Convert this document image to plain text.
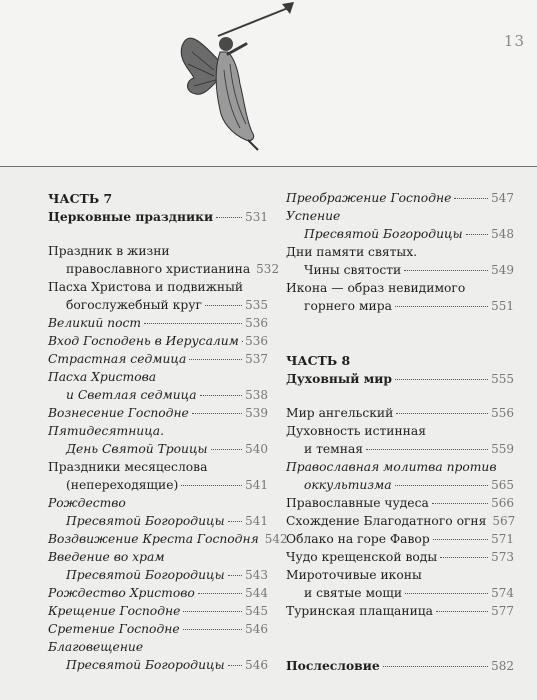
13
ЧАСТЬ 7
Церковные праздники	531
Праздник в жизни
православного христианина 532
Пасха Христова и подвижный
богослужебный круг	535
Великий пост	536
Вход Господень в Иерусалим 536
Страстная седмица	537
Пасха Христова
и Светлая седмица	538
Вознесение Господне	539
Пятидесятница.
День Святой Троицы	540
Праздники месяцеслова
(непереходящие)	541
Рождество
Пресвятой Богородицы 541
Воздвижение Креста Господня 542
Введение во храм
Пресвятой Богородицы 543
Рождество Христово	544
Крещение Господне	545
Сретение Господне	546
Благовещение
Пресвятой Богородицы 546
Преображение Господне	547
Успение
Пресвятой Богородицы 548
Дни памяти святых.
Чины святости	549
Икона — образ невидимого
горнего мира	551
ЧАСТЬ 8
Духовный мир	555
Мир ангельский	556
Духовность истинная
и темная	559
Православная молитва против
оккультизма	565
Православные чудеса	566
Схождение Благодатного огня 567
Облако на горе Фавор	571
Чудо крещенской воды	573
Мироточивые иконы
и святые мощи	574
Туринская плащаница	577
Послесловие	582
